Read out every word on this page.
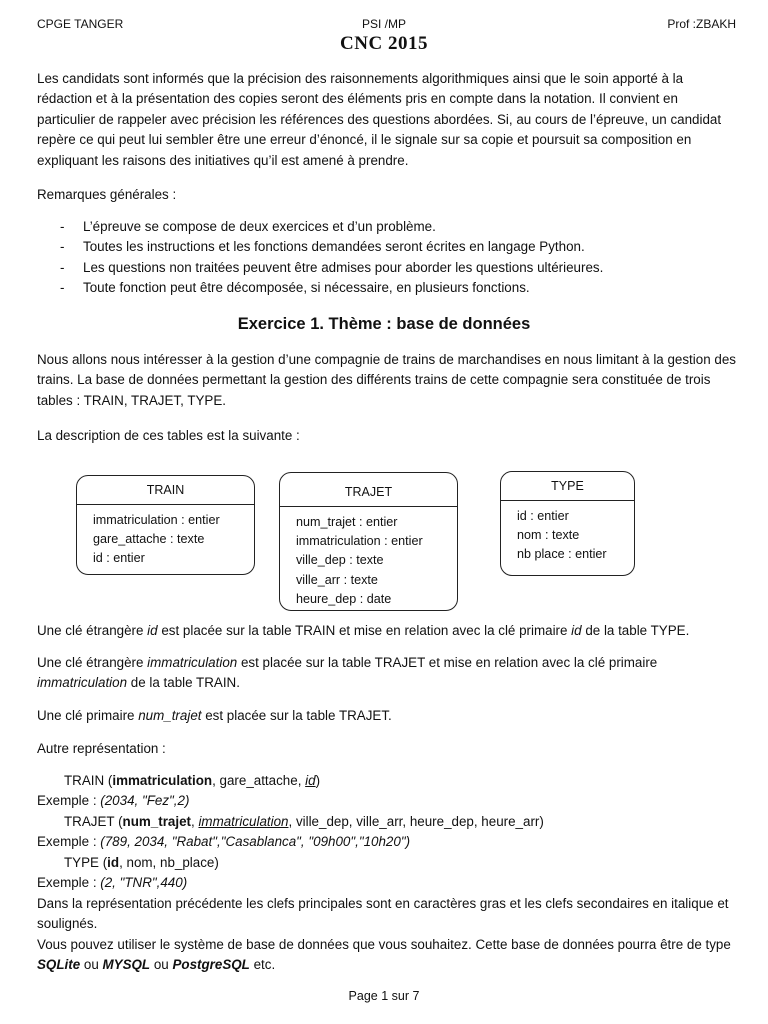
CPGE TANGER	PSI /MP	Prof :ZBAKH
CNC 2015

Les candidats sont informés que la précision des raisonnements algorithmiques ainsi que le soin apporté à la rédaction et à la présentation des copies seront des éléments pris en compte dans la notation. Il convient en particulier de rappeler avec précision les références des questions abordées. Si, au cours de l’épreuve, un candidat repère ce qui peut lui sembler être une erreur d’énoncé, il le signale sur sa copie et poursuit sa composition en expliquant les raisons des initiatives qu’il est amené à prendre.

Remarques générales :
- L’épreuve se compose de deux exercices et d’un problème.
- Toutes les instructions et les fonctions demandées seront écrites en langage Python.
- Les questions non traitées peuvent être admises pour aborder les questions ultérieures.
- Toute fonction peut être décomposée, si nécessaire, en plusieurs fonctions.
Exercice 1. Thème : base de données

Nous allons nous intéresser à la gestion d’une compagnie de trains de marchandises en nous limitant à la gestion des trains. La base de données permettant la gestion des différents trains de cette compagnie sera constituée de trois tables : TRAIN, TRAJET, TYPE.

La description de ces tables est la suivante :
TRAIN
immatriculation : entier
gare_attache : texte
id : entier
TRAJET
num_trajet : entier
immatriculation : entier
ville_dep : texte
ville_arr : texte
heure_dep : date
TYPE
id : entier
nom : texte
nb place : entier
Une clé étrangère id est placée sur la table TRAIN et mise en relation avec la clé primaire id de la table TYPE.
Une clé étrangère immatriculation est placée sur la table TRAJET et mise en relation avec la clé primaire
immatriculation de la table TRAIN.
Une clé primaire num_trajet est placée sur la table TRAJET.
Autre représentation :
TRAIN (immatriculation, gare_attache, id)
Exemple : (2034, "Fez",2)
TRAJET (num_trajet, immatriculation, ville_dep, ville_arr, heure_dep, heure_arr)
Exemple : (789, 2034, "Rabat","Casablanca", "09h00","10h20")
TYPE (id, nom, nb_place)
Exemple : (2, "TNR",440)

Dans la représentation précédente les clefs principales sont en caractères gras et les clefs secondaires en italique et soulignés.

Vous pouvez utiliser le système de base de données que vous souhaitez. Cette base de données pourra être de type SQLite ou MYSQL ou PostgreSQL etc.

Page 1 sur 7
